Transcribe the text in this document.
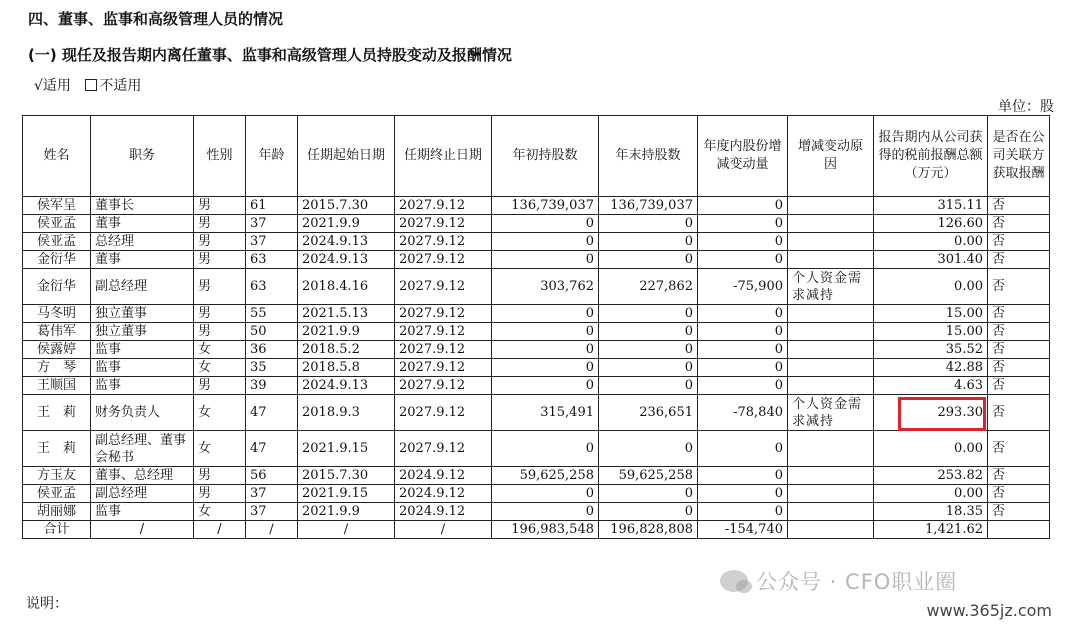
四、董事、监事和高级管理人员的情况
(一) 现任及报告期内离任董事、监事和高级管理人员持股变动及报酬情况
√适用 不适用
单位：股
姓名	职务	性别	年龄	任期起始日期	任期终止日期	年初持股数	年末持股数	年度内股份增减变动量	增减变动原因	报告期内从公司获得的税前报酬总额（万元）	是否在公司关联方获取报酬
侯军呈	董事长	男	61	2015.7.30	2027.9.12	136,739,037	136,739,037	0		315.11	否
侯亚孟	董事	男	37	2021.9.9	2027.9.12	0	0	0		126.60	否
侯亚孟	总经理	男	37	2024.9.13	2027.9.12	0	0	0		0.00	否
金衍华	董事	男	63	2024.9.13	2027.9.12	0	0	0		301.40	否
金衍华	副总经理	男	63	2018.4.16	2027.9.12	303,762	227,862	-75,900	个人资金需求减持	0.00	否
马冬明	独立董事	男	55	2021.5.13	2027.9.12	0	0	0		15.00	否
葛伟军	独立董事	男	50	2021.9.9	2027.9.12	0	0	0		15.00	否
侯露婷	监事	女	36	2018.5.2	2027.9.12	0	0	0		35.52	否
方　琴	监事	女	35	2018.5.8	2027.9.12	0	0	0		42.88	否
王顺国	监事	男	39	2024.9.13	2027.9.12	0	0	0		4.63	否
王　莉	财务负责人	女	47	2018.9.3	2027.9.12	315,491	236,651	-78,840	个人资金需求减持	293.30	否
王　莉	副总经理、董事会秘书	女	47	2021.9.15	2027.9.12	0	0	0		0.00	否
方玉友	董事、总经理	男	56	2015.7.30	2024.9.12	59,625,258	59,625,258	0		253.82	否
侯亚孟	副总经理	男	37	2021.9.15	2024.9.12	0	0	0		0.00	否
胡丽娜	监事	女	37	2021.9.9	2024.9.12	0	0	0		18.35	否
合计	/	/	/	/	/	196,983,548	196,828,808	-154,740		1,421.62	
说明：
公众号 · CFO职业圈
www.365jz.com
